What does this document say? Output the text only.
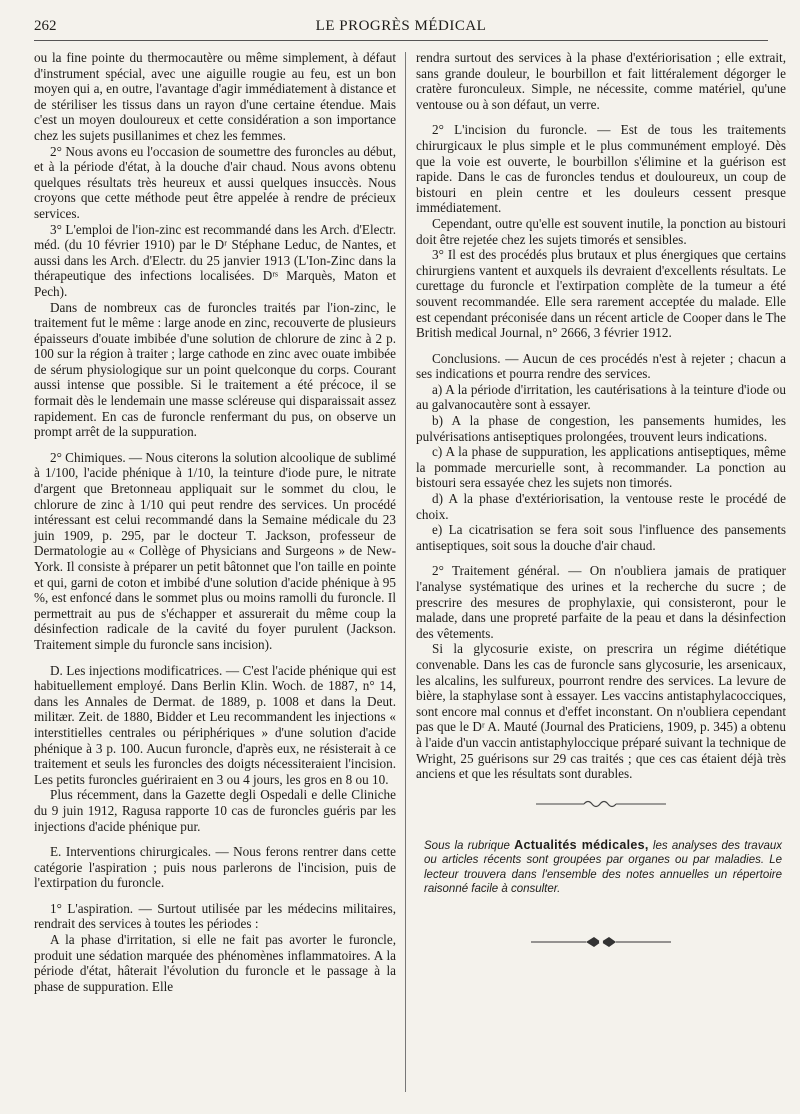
262	LE PROGRÈS MÉDICAL

ou la fine pointe du thermocautère ou même simplement, à défaut d'instrument spécial, avec une aiguille rougie au feu, est un bon moyen qui a, en outre, l'avantage d'agir immédiatement à distance et de stériliser les tissus dans un rayon d'une certaine étendue. Mais c'est un moyen douloureux et cette considération a son importance chez les sujets pusillanimes et chez les femmes.

2° Nous avons eu l'occasion de soumettre des furoncles au début, et à la période d'état, à la douche d'air chaud. Nous avons obtenu quelques résultats très heureux et aussi quelques insuccès. Nous croyons que cette méthode peut être appelée à rendre de précieux services.

3° L'emploi de l'ion-zinc est recommandé dans les Arch. d'Electr. méd. (du 10 février 1910) par le Dʳ Stéphane Leduc, de Nantes, et aussi dans les Arch. d'Electr. du 25 janvier 1913 (L'Ion-Zinc dans la thérapeutique des infections localisées. Dʳˢ Marquès, Maton et Pech).

Dans de nombreux cas de furoncles traités par l'ion-zinc, le traitement fut le même : large anode en zinc, recouverte de plusieurs épaisseurs d'ouate imbibée d'une solution de chlorure de zinc à 2 p. 100 sur la région à traiter ; large cathode en zinc avec ouate imbibée de sérum physiologique sur un point quelconque du corps. Courant aussi intense que possible. Si le traitement a été précoce, il se formait dès le lendemain une masse scléreuse qui disparaissait assez rapidement. En cas de furoncle renfermant du pus, on observe un prompt arrêt de la suppuration.

2° Chimiques. — Nous citerons la solution alcoolique de sublimé à 1/100, l'acide phénique à 1/10, la teinture d'iode pure, le nitrate d'argent que Bretonneau appliquait sur le sommet du clou, le chlorure de zinc à 1/10 qui peut rendre des services. Un procédé intéressant est celui recommandé dans la Semaine médicale du 23 juin 1909, p. 295, par le docteur T. Jackson, professeur de Dermatologie au « Collège of Physicians and Surgeons » de New-York. Il consiste à préparer un petit bâtonnet que l'on taille en pointe et qui, garni de coton et imbibé d'une solution d'acide phénique à 95 %, est enfoncé dans le sommet plus ou moins ramolli du furoncle. Il permettrait au pus de s'échapper et assurerait du même coup la désinfection radicale de la cavité du foyer purulent (Jackson. Traitement simple du furoncle sans incision).

D. Les injections modificatrices. — C'est l'acide phénique qui est habituellement employé. Dans Berlin Klin. Woch. de 1887, n° 14, dans les Annales de Dermat. de 1889, p. 1008 et dans la Deut. militær. Zeit. de 1880, Bidder et Leu recommandent les injections « interstitielles centrales ou périphériques » d'une solution d'acide phénique à 3 p. 100. Aucun furoncle, d'après eux, ne résisterait à ce traitement et seuls les furoncles des doigts nécessiteraient l'incision. Les petits furoncles guériraient en 3 ou 4 jours, les gros en 8 ou 10.

Plus récemment, dans la Gazette degli Ospedali e delle Cliniche du 9 juin 1912, Ragusa rapporte 10 cas de furoncles guéris par les injections d'acide phénique pur.

E. Interventions chirurgicales. — Nous ferons rentrer dans cette catégorie l'aspiration ; puis nous parlerons de l'incision, puis de l'extirpation du furoncle.

1° L'aspiration. — Surtout utilisée par les médecins militaires, rendrait des services à toutes les périodes :

A la phase d'irritation, si elle ne fait pas avorter le furoncle, produit une sédation marquée des phénomènes inflammatoires. A la période d'état, hâterait l'évolution du furoncle et le passage à la phase de suppuration. Elle

rendra surtout des services à la phase d'extériorisation ; elle extrait, sans grande douleur, le bourbillon et fait littéralement dégorger le cratère furonculeux. Simple, ne nécessite, comme matériel, qu'une ventouse ou à son défaut, un verre.

2° L'incision du furoncle. — Est de tous les traitements chirurgicaux le plus simple et le plus communément employé. Dès que la voie est ouverte, le bourbillon s'élimine et la guérison est rapide. Dans le cas de furoncles tendus et douloureux, un coup de bistouri en plein centre et les douleurs cessent presque immédiatement.

Cependant, outre qu'elle est souvent inutile, la ponction au bistouri doit être rejetée chez les sujets timorés et sensibles.

3° Il est des procédés plus brutaux et plus énergiques que certains chirurgiens vantent et auxquels ils devraient d'excellents résultats. Le curettage du furoncle et l'extirpation complète de la tumeur a été souvent recommandée. Elle sera rarement acceptée du malade. Elle est cependant préconisée dans un récent article de Cooper dans le The British medical Journal, n° 2666, 3 février 1912.

Conclusions. — Aucun de ces procédés n'est à rejeter ; chacun a ses indications et pourra rendre des services.

a) A la période d'irritation, les cautérisations à la teinture d'iode ou au galvanocautère sont à essayer.

b) A la phase de congestion, les pansements humides, les pulvérisations antiseptiques prolongées, trouvent leurs indications.

c) A la phase de suppuration, les applications antiseptiques, même la pommade mercurielle sont, à recommander. La ponction au bistouri sera essayée chez les sujets non timorés.

d) A la phase d'extériorisation, la ventouse reste le procédé de choix.

e) La cicatrisation se fera soit sous l'influence des pansements antiseptiques, soit sous la douche d'air chaud.

2° Traitement général. — On n'oubliera jamais de pratiquer l'analyse systématique des urines et la recherche du sucre ; de prescrire des mesures de prophylaxie, qui consisteront, pour le malade, dans une propreté parfaite de la peau et dans la désinfection des vêtements.

Si la glycosurie existe, on prescrira un régime diététique convenable. Dans les cas de furoncle sans glycosurie, les arsenicaux, les alcalins, les sulfureux, pourront rendre des services. La levure de bière, la staphylase sont à essayer. Les vaccins antistaphylacocciques, sont encore mal connus et d'effet inconstant. On n'oubliera cependant pas que le Dʳ A. Mauté (Journal des Praticiens, 1909, p. 345) a obtenu à l'aide d'un vaccin antistaphyloccique préparé suivant la technique de Wright, 25 guérisons sur 29 cas traités ; que ces cas étaient déjà très anciens et que les résultats sont durables.

Sous la rubrique Actualités médicales, les analyses des travaux ou articles récents sont groupées par organes ou par maladies. Le lecteur trouvera dans l'ensemble des notes annuelles un répertoire raisonné facile à consulter.
